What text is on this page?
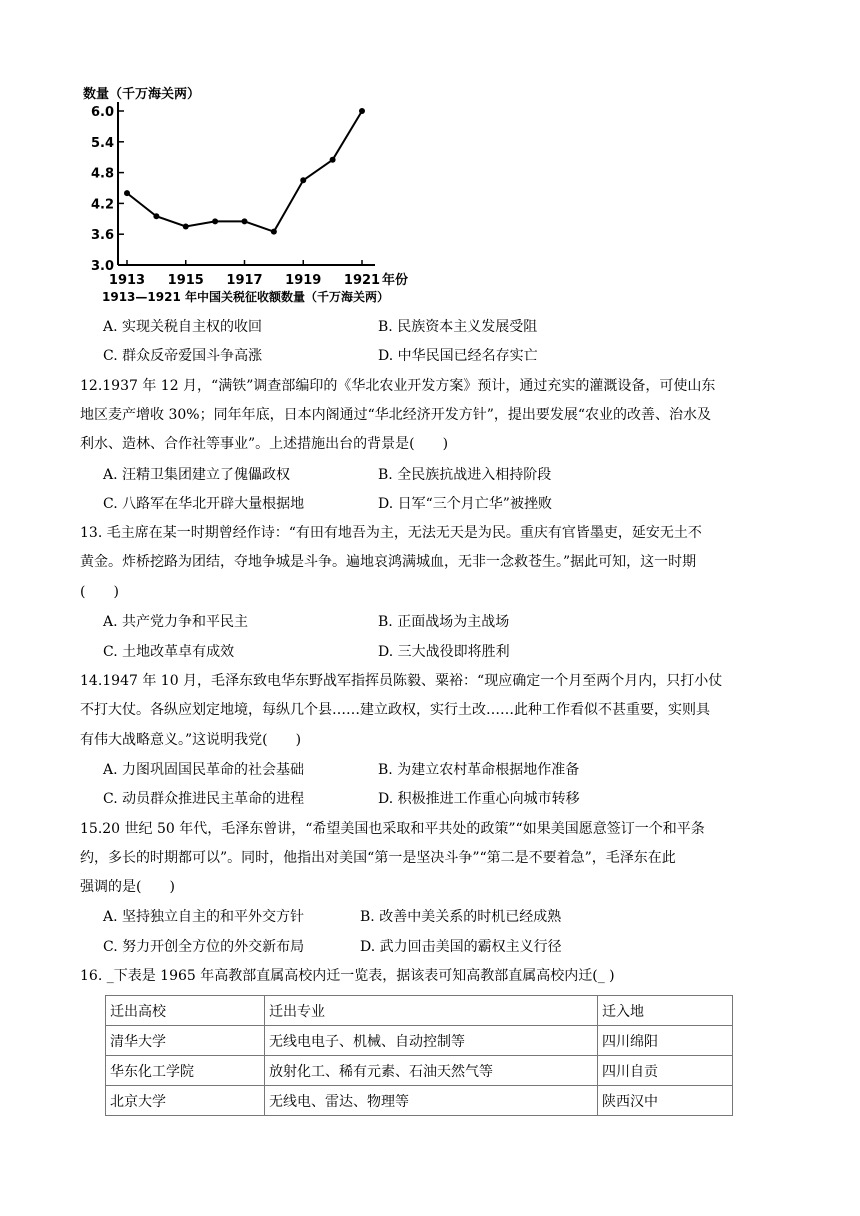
数量（千万海关两）
6.0
5.4
4.8
4.2
3.6
3.0
1913 1915 1917 1919 1921 年份
1913—1921 年中国关税征收额数量（千万海关两）
A. 实现关税自主权的收回	B. 民族资本主义发展受阻
C. 群众反帝爱国斗争高涨	D. 中华民国已经名存实亡
12.1937 年 12 月，“满铁”调查部编印的《华北农业开发方案》预计，通过充实的灌溉设备，可使山东
地区麦产增收 30%；同年年底，日本内阁通过“华北经济开发方针”，提出要发展“农业的改善、治水及
利水、造林、合作社等事业”。上述措施出台的背景是(　　)
A. 汪精卫集团建立了傀儡政权	B. 全民族抗战进入相持阶段
C. 八路军在华北开辟大量根据地	D. 日军“三个月亡华”被挫败
13. 毛主席在某一时期曾经作诗：“有田有地吾为主，无法无天是为民。重庆有官皆墨吏，延安无土不
黄金。炸桥挖路为团结，夺地争城是斗争。遍地哀鸿满城血，无非一念救苍生。”据此可知，这一时期
(　　)
A. 共产党力争和平民主	B. 正面战场为主战场
C. 土地改革卓有成效	D. 三大战役即将胜利
14.1947 年 10 月，毛泽东致电华东野战军指挥员陈毅、粟裕：“现应确定一个月至两个月内，只打小仗
不打大仗。各纵应划定地境，每纵几个县……建立政权，实行土改……此种工作看似不甚重要，实则具
有伟大战略意义。”这说明我党(　　)
A. 力图巩固国民革命的社会基础	B. 为建立农村革命根据地作准备
C. 动员群众推进民主革命的进程	D. 积极推进工作重心向城市转移
15.20 世纪 50 年代，毛泽东曾讲，“希望美国也采取和平共处的政策”“如果美国愿意签订一个和平条
约，多长的时期都可以”。同时，他指出对美国“第一是坚决斗争”“第二是不要着急”，毛泽东在此
强调的是(　　)
A. 坚持独立自主的和平外交方针	B. 改善中美关系的时机已经成熟
C. 努力开创全方位的外交新布局	D. 武力回击美国的霸权主义行径
16. _下表是 1965 年高教部直属高校内迁一览表，据该表可知高教部直属高校内迁(_ )
迁出高校	迁出专业	迁入地
清华大学	无线电电子、机械、自动控制等	四川绵阳
华东化工学院	放射化工、稀有元素、石油天然气等	四川自贡
北京大学	无线电、雷达、物理等	陕西汉中
